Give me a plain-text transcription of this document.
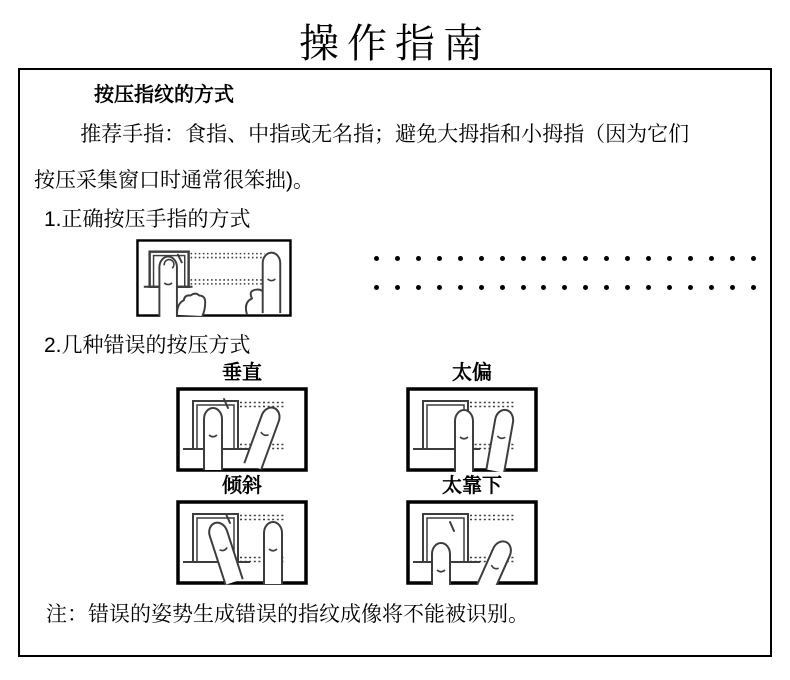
操作指南
按压指纹的方式

推荐手指：食指、中指或无名指；避免大拇指和小拇指（因为它们按压采集窗口时通常很笨拙)。

1.正确按压手指的方式
2.几种错误的按压方式
垂直	太偏
倾斜	太靠下
注：错误的姿势生成错误的指纹成像将不能被识别。
